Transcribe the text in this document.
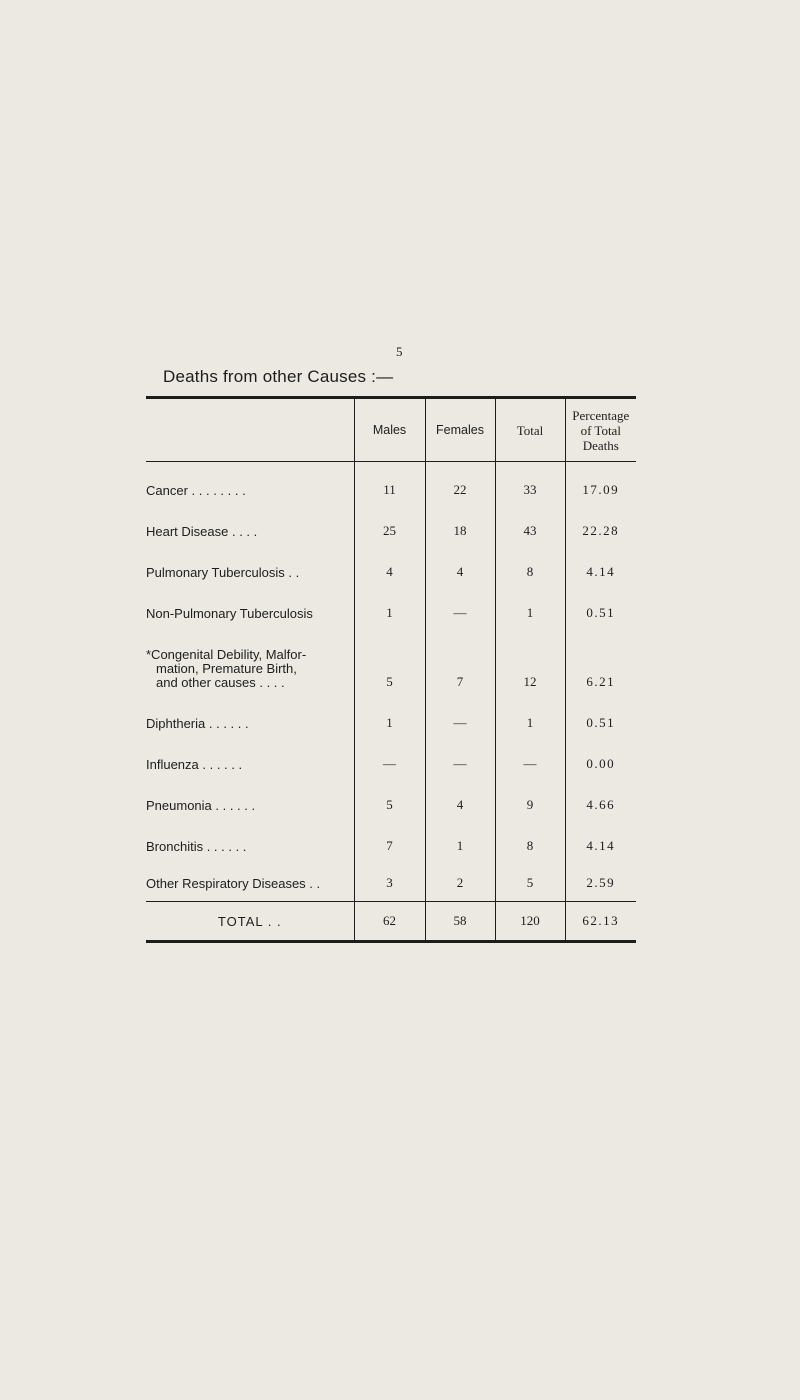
5
Deaths from other Causes :—
	Males	Females	Total	Percentage
of Total
Deaths
Cancer . . . . . . . .	11	22	33	17.09
Heart Disease . . . .	25	18	43	22.28
Pulmonary Tuberculosis . .	4	4	8	4.14
Non-Pulmonary Tuberculosis	1	—	1	0.51
*Congenital Debility, Malfor-

mation, Premature Birth,
and other causes . . . .	5	7	12	6.21
Diphtheria . . . . . .	1	—	1	0.51
Influenza . . . . . .	—	—	—	0.00
Pneumonia . . . . . .	5	4	9	4.66
Bronchitis . . . . . .	7	1	8	4.14
Other Respiratory Diseases . .	3	2	5	2.59
TOTAL . .	62	58	120	62.13
